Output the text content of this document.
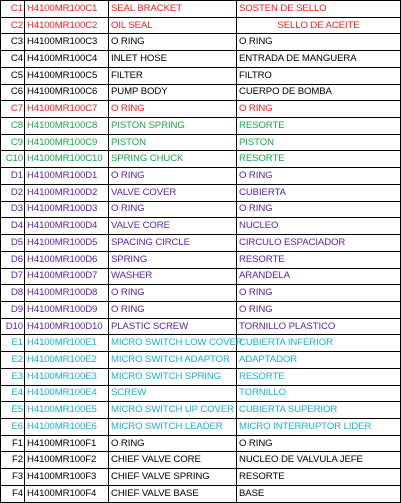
C1	H4100MR100C1	SEAL BRACKET	SOSTEN DE SELLO
C2	H4100MR100C2	OIL SEAL	SELLO DE ACEITE
C3	H4100MR100C3	O RING	O RING
C4	H4100MR100C4	INLET HOSE	ENTRADA DE MANGUERA
C5	H4100MR100C5	FILTER	FILTRO
C6	H4100MR100C6	PUMP BODY	CUERPO DE BOMBA
C7	H4100MR100C7	O RING	O RING
C8	H4100MR100C8	PISTON SPRING	RESORTE
C9	H4100MR100C9	PISTON	PISTON
C10	H4100MR100C10	SPRING CHUCK	RESORTE
D1	H4100MR100D1	O RING	O RING
D2	H4100MR100D2	VALVE COVER	CUBIERTA
D3	H4100MR100D3	O RING	O RING
D4	H4100MR100D4	VALVE CORE	NUCLEO
D5	H4100MR100D5	SPACING CIRCLE	CIRCULO ESPACIADOR
D6	H4100MR100D6	SPRING	RESORTE
D7	H4100MR100D7	WASHER	ARANDELA
D8	H4100MR100D8	O RING	O RING
D9	H4100MR100D9	O RING	O RING
D10	H4100MR100D10	PLASTIC SCREW	TORNILLO PLASTICO
E1	H4100MR100E1	MICRO SWITCH LOW COVER	CUBIERTA INFERIOR
E2	H4100MR100E2	MICRO SWITCH ADAPTOR	ADAPTADOR
E3	H4100MR100E3	MICRO SWITCH SPRING	RESORTE
E4	H4100MR100E4	SCREW	TORNILLO
E5	H4100MR100E5	MICRO SWITCH UP COVER	CUBIERTA SUPERIOR
E6	H4100MR100E6	MICRO SWITCH LEADER	MICRO INTERRUPTOR LIDER
F1	H4100MR100F1	O RING	O RING
F2	H4100MR100F2	CHIEF VALVE CORE	NUCLEO DE VALVULA JEFE
F3	H4100MR100F3	CHIEF VALVE SPRING	RESORTE
F4	H4100MR100F4	CHIEF VALVE BASE	BASE
